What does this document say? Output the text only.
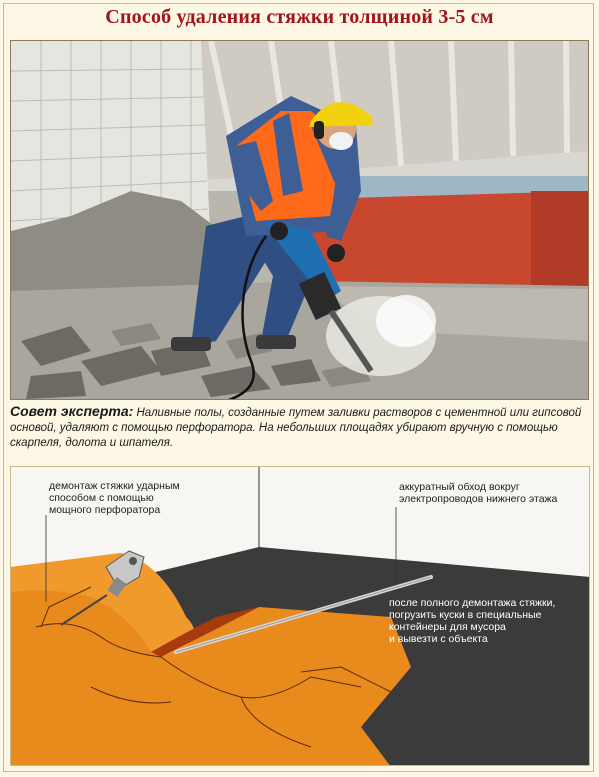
Способ удаления стяжки толщиной 3-5 см
Совет эксперта: Наливные полы, созданные путем заливки растворов с цементной или гипсовой основой, удаляют с помощью перфоратора. На небольших площадях убирают вручную с помощью скарпеля, долота и шпателя.
демонтаж стяжки ударным
способом с помощью
мощного перфоратора
аккуратный обход вокруг
электропроводов нижнего этажа
после полного демонтажа стяжки,
погрузить куски в специальные
контейнеры для мусора
и вывезти с объекта
